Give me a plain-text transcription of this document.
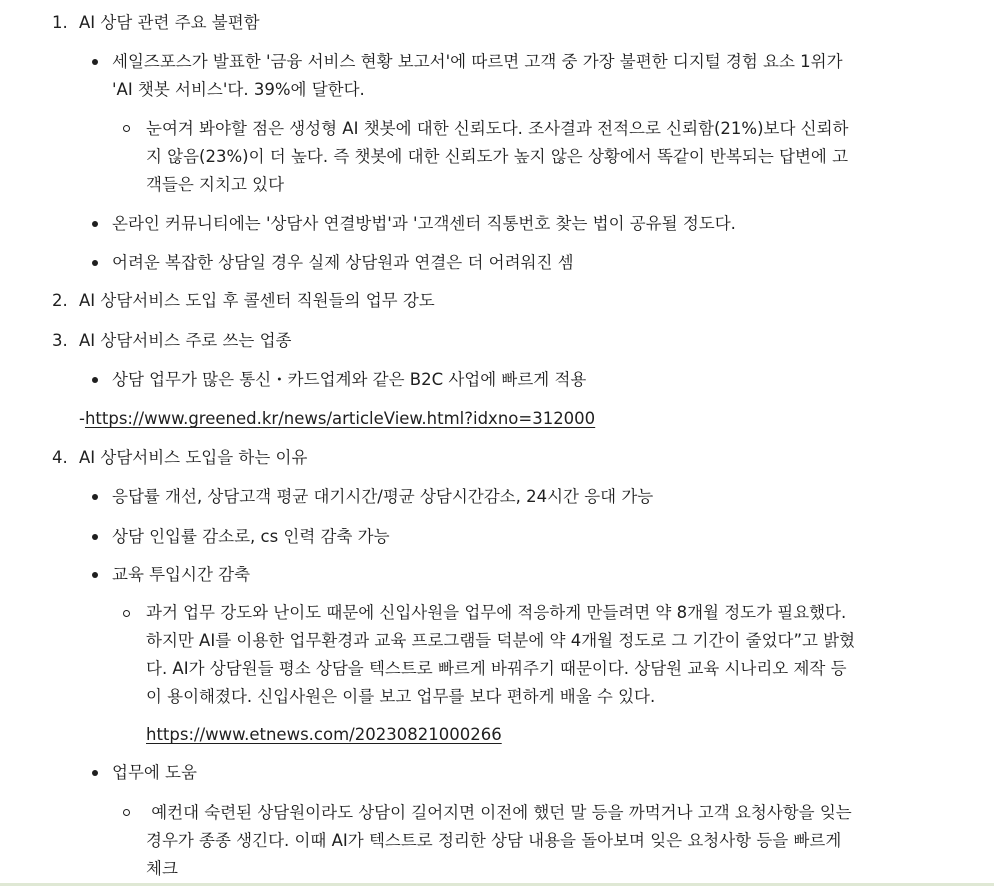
1. AI 상담 관련 주요 불편함
세일즈포스가 발표한 '금융 서비스 현황 보고서'에 따르면 고객 중 가장 불편한 디지털 경험 요소 1위가
'AI 챗봇 서비스'다. 39%에 달한다.
눈여겨 봐야할 점은 생성형 AI 챗봇에 대한 신뢰도다. 조사결과 전적으로 신뢰함(21%)보다 신뢰하
지 않음(23%)이 더 높다. 즉 챗봇에 대한 신뢰도가 높지 않은 상황에서 똑같이 반복되는 답변에 고
객들은 지치고 있다
온라인 커뮤니티에는 '상담사 연결방법'과 '고객센터 직통번호 찾는 법이 공유될 정도다.
어려운 복잡한 상담일 경우 실제 상담원과 연결은 더 어려워진 셈
2. AI 상담서비스 도입 후 콜센터 직원들의 업무 강도
3. AI 상담서비스 주로 쓰는 업종
상담 업무가 많은 통신・카드업계와 같은 B2C 사업에 빠르게 적용
-https://www.greened.kr/news/articleView.html?idxno=312000
4. AI 상담서비스 도입을 하는 이유
응답률 개선, 상담고객 평균 대기시간/평균 상담시간감소, 24시간 응대 가능
상담 인입률 감소로, cs 인력 감축 가능
교육 투입시간 감축
과거 업무 강도와 난이도 때문에 신입사원을 업무에 적응하게 만들려면 약 8개월 정도가 필요했다.
하지만 AI를 이용한 업무환경과 교육 프로그램들 덕분에 약 4개월 정도로 그 기간이 줄었다”고 밝혔
다. AI가 상담원들 평소 상담을 텍스트로 빠르게 바꿔주기 때문이다. 상담원 교육 시나리오 제작 등
이 용이해졌다. 신입사원은 이를 보고 업무를 보다 편하게 배울 수 있다.
https://www.etnews.com/20230821000266
업무에 도움
예컨대 숙련된 상담원이라도 상담이 길어지면 이전에 했던 말 등을 까먹거나 고객 요청사항을 잊는
경우가 종종 생긴다. 이때 AI가 텍스트로 정리한 상담 내용을 돌아보며 잊은 요청사항 등을 빠르게
체크
